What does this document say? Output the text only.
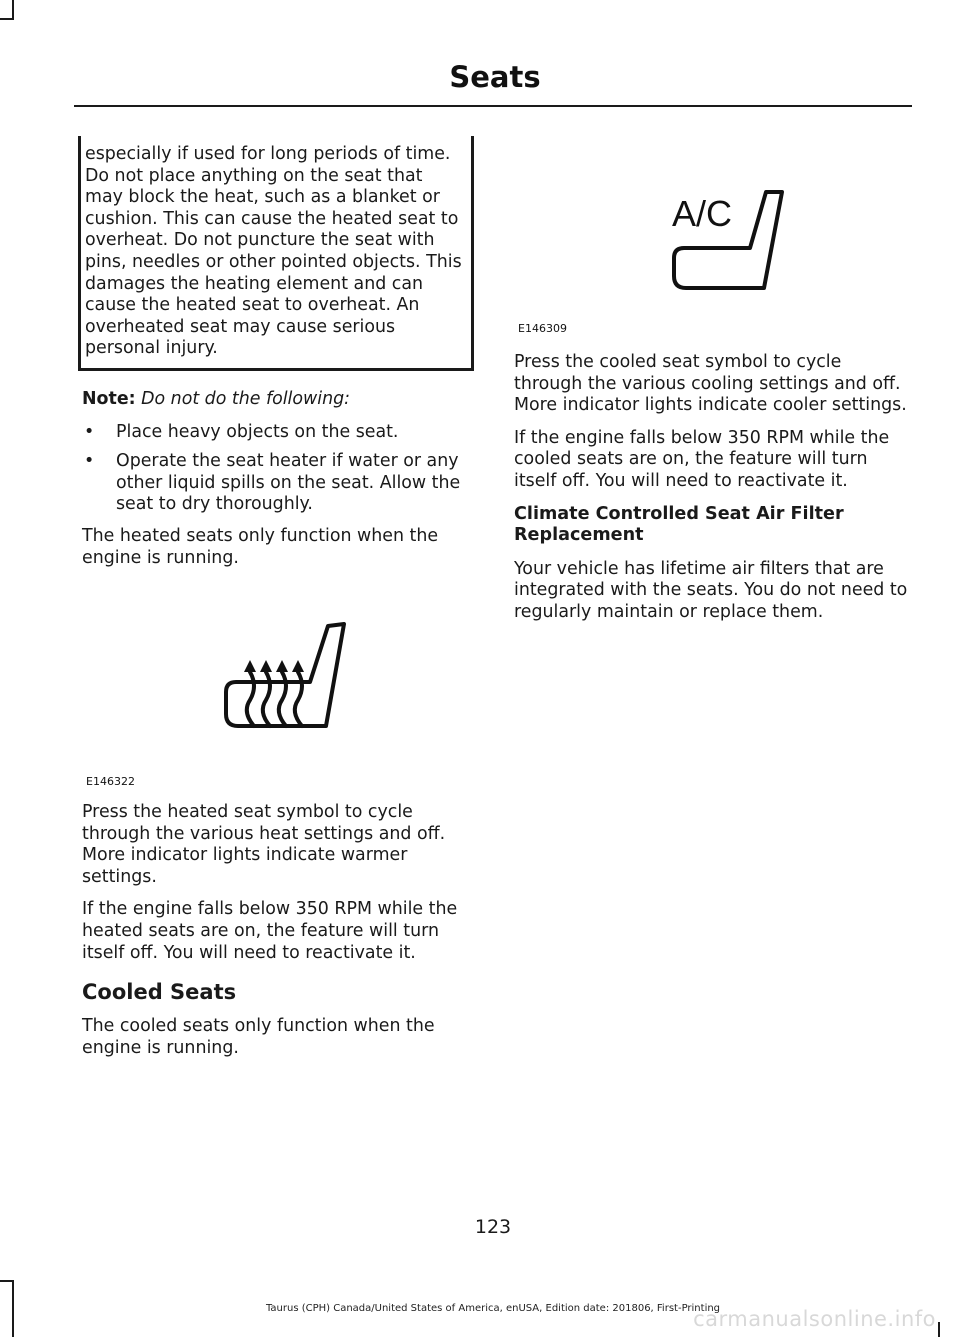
Seats

especially if used for long periods of time. Do not place anything on the seat that may block the heat, such as a blanket or cushion. This can cause the heated seat to overheat. Do not puncture the seat with pins, needles or other pointed objects. This damages the heating element and can cause the heated seat to overheat. An overheated seat may cause serious personal injury.

Note: Do not do the following:

• Place heavy objects on the seat.
• Operate the seat heater if water or any other liquid spills on the seat. Allow the seat to dry thoroughly.

The heated seats only function when the engine is running.

E146322

Press the heated seat symbol to cycle through the various heat settings and off. More indicator lights indicate warmer settings.

If the engine falls below 350 RPM while the heated seats are on, the feature will turn itself off. You will need to reactivate it.

Cooled Seats

The cooled seats only function when the engine is running.

A/C
E146309

Press the cooled seat symbol to cycle through the various cooling settings and off. More indicator lights indicate cooler settings.

If the engine falls below 350 RPM while the cooled seats are on, the feature will turn itself off. You will need to reactivate it.

Climate Controlled Seat Air Filter Replacement

Your vehicle has lifetime air filters that are integrated with the seats. You do not need to regularly maintain or replace them.

123
Taurus (CPH) Canada/United States of America, enUSA, Edition date: 201806, First-Printing
carmanualsonline.info
